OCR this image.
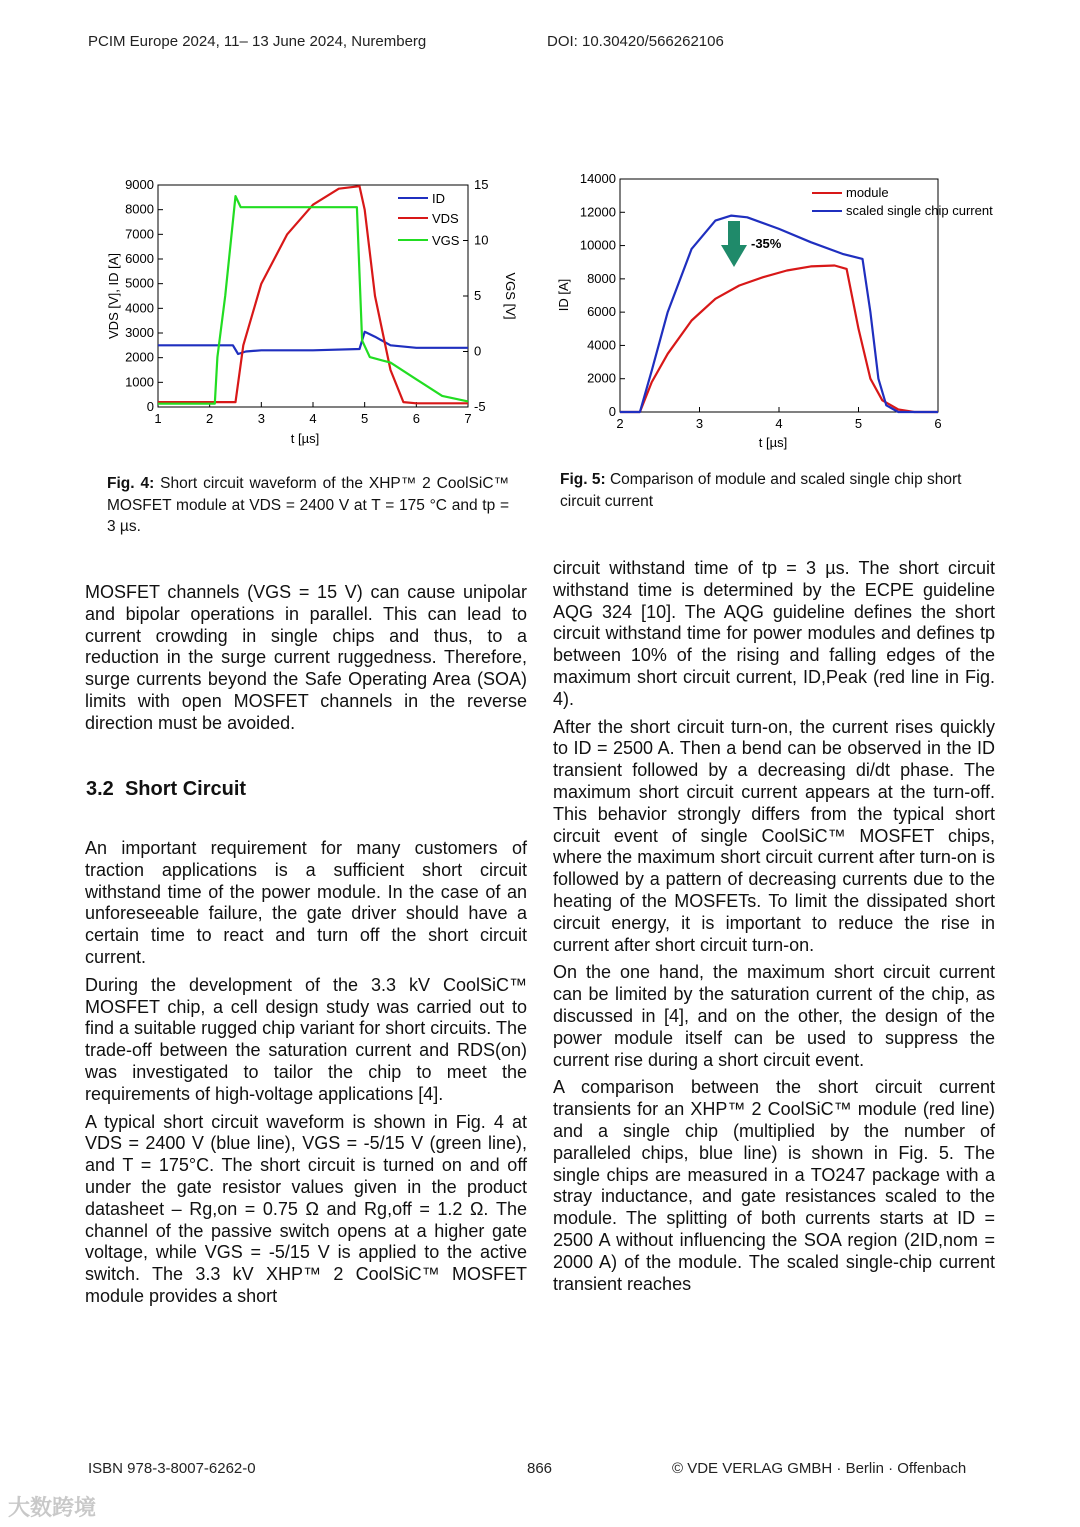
PCIM Europe 2024, 11– 13 June 2024, Nuremberg	DOI: 10.30420/566262106
1	2	3	4	5	6	7
0
1000
2000
3000
4000
5000
6000
7000
8000
9000
-5
0
5
10
15
t [µs]
VDS [V], ID [A]	VGS [V]
ID
VDS
VGS
2	3	4	5	6
0
2000
4000
6000
8000
10000
12000
14000
t [µs]
ID [A]
module
scaled single chip current
-35%
Fig. 4: Short circuit waveform of the XHP™ 2 CoolSiC™ MOSFET module at VDS = 2400 V at T = 175 °C and tp = 3 µs.
Fig. 5: Comparison of module and scaled single chip short circuit current

MOSFET channels (VGS = 15 V) can cause unipolar and bipolar operations in parallel. This can lead to current crowding in single chips and thus, to a reduction in the surge current ruggedness. Therefore, surge currents beyond the Safe Operating Area (SOA) limits with open MOSFET channels in the reverse direction must be avoided.

3.2 Short Circuit

An important requirement for many customers of traction applications is a sufficient short circuit withstand time of the power module. In the case of an unforeseeable failure, the gate driver should have a certain time to react and turn off the short circuit current.

During the development of the 3.3 kV CoolSiC™ MOSFET chip, a cell design study was carried out to find a suitable rugged chip variant for short circuits. The trade-off between the saturation current and RDS(on) was investigated to tailor the chip to meet the requirements of high-voltage applications [4].

A typical short circuit waveform is shown in Fig. 4 at VDS = 2400 V (blue line), VGS = -5/15 V (green line), and T = 175°C. The short circuit is turned on and off under the gate resistor values given in the product datasheet – Rg,on = 0.75 Ω and Rg,off = 1.2 Ω. The channel of the passive switch opens at a higher gate voltage, while VGS = -5/15 V is applied to the active switch. The 3.3 kV XHP™ 2 CoolSiC™ MOSFET module provides a short

circuit withstand time of tp = 3 µs. The short circuit withstand time is determined by the ECPE guideline AQG 324 [10]. The AQG guideline defines the short circuit withstand time for power modules and defines tp between 10% of the rising and falling edges of the maximum short circuit current, ID,Peak (red line in Fig. 4).

After the short circuit turn-on, the current rises quickly to ID = 2500 A. Then a bend can be observed in the ID transient followed by a decreasing di/dt phase. The maximum short circuit current appears at the turn-off. This behavior strongly differs from the typical short circuit event of single CoolSiC™ MOSFET chips, where the maximum short circuit current after turn-on is followed by a pattern of decreasing currents due to the heating of the MOSFETs. To limit the dissipated short circuit energy, it is important to reduce the rise in current after short circuit turn-on.

On the one hand, the maximum short circuit current can be limited by the saturation current of the chip, as discussed in [4], and on the other, the design of the power module itself can be used to suppress the current rise during a short circuit event.

A comparison between the short circuit current transients for an XHP™ 2 CoolSiC™ module (red line) and a single chip (multiplied by the number of paralleled chips, blue line) is shown in Fig. 5. The single chips are measured in a TO247 package with a stray inductance, and gate resistances scaled to the module. The splitting of both currents starts at ID = 2500 A without influencing the SOA region (2ID,nom = 2000 A) of the module. The scaled single-chip current transient reaches

ISBN 978-3-8007-6262-0	866	© VDE VERLAG GMBH · Berlin · Offenbach
大数跨境
